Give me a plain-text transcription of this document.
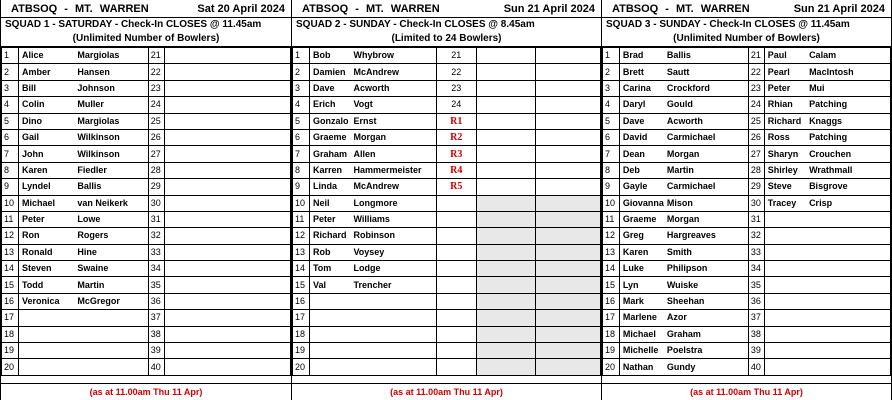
ATBSOQ - MT. WARREN	Sat 20 April 2024
SQUAD 1 - SATURDAY - Check-In CLOSES @ 11.45am
(Unlimited Number of Bowlers)
1	Alice	Margiolas	21		
2	Amber	Hansen	22		
3	Bill	Johnson	23		
4	Colin	Muller	24		
5	Dino	Margiolas	25		
6	Gail	Wilkinson	26		
7	John	Wilkinson	27		
8	Karen	Fiedler	28		
9	Lyndel	Ballis	29		
10	Michael	van Neikerk	30		
11	Peter	Lowe	31		
12	Ron	Rogers	32		
13	Ronald	Hine	33		
14	Steven	Swaine	34		
15	Todd	Martin	35		
16	Veronica	McGregor	36		
17			37		
18			38		
19			39		
20			40		
(as at 11.00am Thu 11 Apr)
ATBSOQ - MT. WARREN	Sun 21 April 2024
SQUAD 2 - SUNDAY - Check-In CLOSES @ 8.45am
(Limited to 24 Bowlers)
1	Bob	Whybrow	21		
2	Damien	McAndrew	22		
3	Dave	Acworth	23		
4	Erich	Vogt	24		
5	Gonzalo	Ernst	R1		
6	Graeme	Morgan	R2		
7	Graham	Allen	R3		
8	Karren	Hammermeister	R4		
9	Linda	McAndrew	R5		
10	Neil	Longmore			
11	Peter	Williams			
12	Richard	Robinson			
13	Rob	Voysey			
14	Tom	Lodge			
15	Val	Trencher			
16					
17					
18					
19					
20					
(as at 11.00am Thu 11 Apr)
ATBSOQ - MT. WARREN	Sun 21 April 2024
SQUAD 3 - SUNDAY - Check-In CLOSES @ 11.45am
(Unlimited Number of Bowlers)
1	Brad	Ballis	21	Paul	Calam
2	Brett	Sautt	22	Pearl	MacIntosh
3	Carina	Crockford	23	Peter	Mui
4	Daryl	Gould	24	Rhian	Patching
5	Dave	Acworth	25	Richard	Knaggs
6	David	Carmichael	26	Ross	Patching
7	Dean	Morgan	27	Sharyn	Crouchen
8	Deb	Martin	28	Shirley	Wrathmall
9	Gayle	Carmichael	29	Steve	Bisgrove
10	Giovanna	Mison	30	Tracey	Crisp
11	Graeme	Morgan	31		
12	Greg	Hargreaves	32		
13	Karen	Smith	33		
14	Luke	Philipson	34		
15	Lyn	Wuiske	35		
16	Mark	Sheehan	36		
17	Marlene	Azor	37		
18	Michael	Graham	38		
19	Michelle	Poelstra	39		
20	Nathan	Gundy	40		
(as at 11.00am Thu 11 Apr)
